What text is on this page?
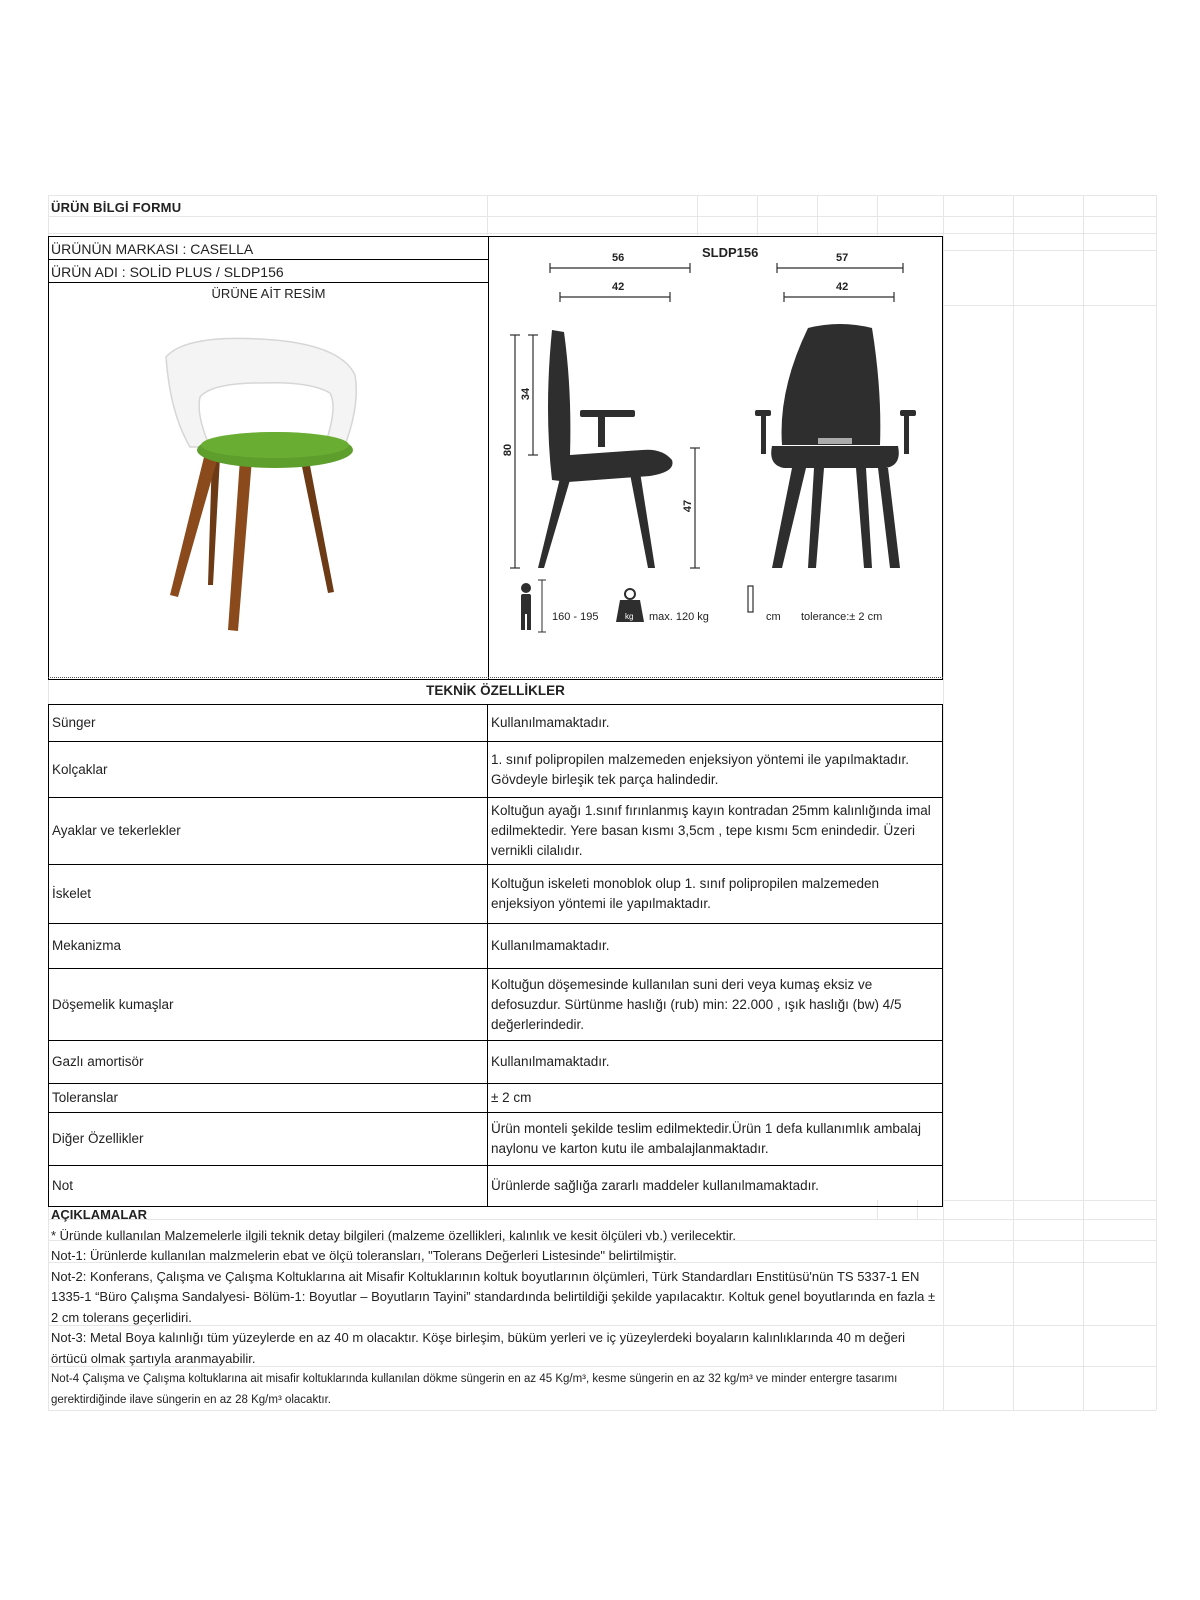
ÜRÜN BİLGİ FORMU
ÜRÜNÜN MARKASI : CASELLA
ÜRÜN ADI : SOLİD PLUS / SLDP156
ÜRÜNE AİT RESİM
SLDP156
56
42
57
42
34
80
47
160 - 195	kg max. 120 kg	cm tolerance:± 2 cm
TEKNİK ÖZELLİKLER
Sünger	Kullanılmamaktadır.
Kolçaklar	1. sınıf polipropilen malzemeden enjeksiyon yöntemi ile yapılmaktadır. Gövdeyle birleşik tek parça halindedir.
Ayaklar ve tekerlekler	Koltuğun ayağı 1.sınıf fırınlanmış kayın kontradan 25mm kalınlığında imal edilmektedir. Yere basan kısmı 3,5cm , tepe kısmı 5cm enindedir. Üzeri vernikli cilalıdır.
İskelet	Koltuğun iskeleti monoblok olup 1. sınıf polipropilen malzemeden enjeksiyon yöntemi ile yapılmaktadır.
Mekanizma	Kullanılmamaktadır.
Döşemelik kumaşlar	Koltuğun döşemesinde kullanılan suni deri veya kumaş eksiz ve defosuzdur. Sürtünme haslığı (rub) min: 22.000 , ışık haslığı (bw) 4/5 değerlerindedir.
Gazlı amortisör	Kullanılmamaktadır.
Toleranslar	± 2 cm
Diğer Özellikler	Ürün monteli şekilde teslim edilmektedir.Ürün 1 defa kullanımlık ambalaj naylonu ve karton kutu ile ambalajlanmaktadır.
Not	Ürünlerde sağlığa zararlı maddeler kullanılmamaktadır.
AÇIKLAMALAR
* Üründe kullanılan Malzemelerle ilgili teknik detay bilgileri (malzeme özellikleri, kalınlık ve kesit ölçüleri vb.) verilecektir.
Not-1: Ürünlerde kullanılan malzmelerin ebat ve ölçü toleransları, "Tolerans Değerleri Listesinde" belirtilmiştir.
Not-2: Konferans, Çalışma ve Çalışma Koltuklarına ait Misafir Koltuklarının koltuk boyutlarının ölçümleri, Türk Standardları Enstitüsü'nün TS 5337-1 EN 1335-1 “Büro Çalışma Sandalyesi- Bölüm-1: Boyutlar – Boyutların Tayini” standardında belirtildiği şekilde yapılacaktır. Koltuk genel boyutlarında en fazla ± 2 cm tolerans geçerlidiri.
Not-3: Metal Boya kalınlığı tüm yüzeylerde en az 40 m olacaktır. Köşe birleşim, büküm yerleri ve iç yüzeylerdeki boyaların kalınlıklarında 40 m değeri örtücü olmak şartıyla aranmayabilir.
Not-4 Çalışma ve Çalışma koltuklarına ait misafir koltuklarında kullanılan dökme süngerin en az 45 Kg/m³, kesme süngerin en az 32 kg/m³ ve minder entergre tasarımı gerektirdiğinde ilave süngerin en az 28 Kg/m³ olacaktır.
